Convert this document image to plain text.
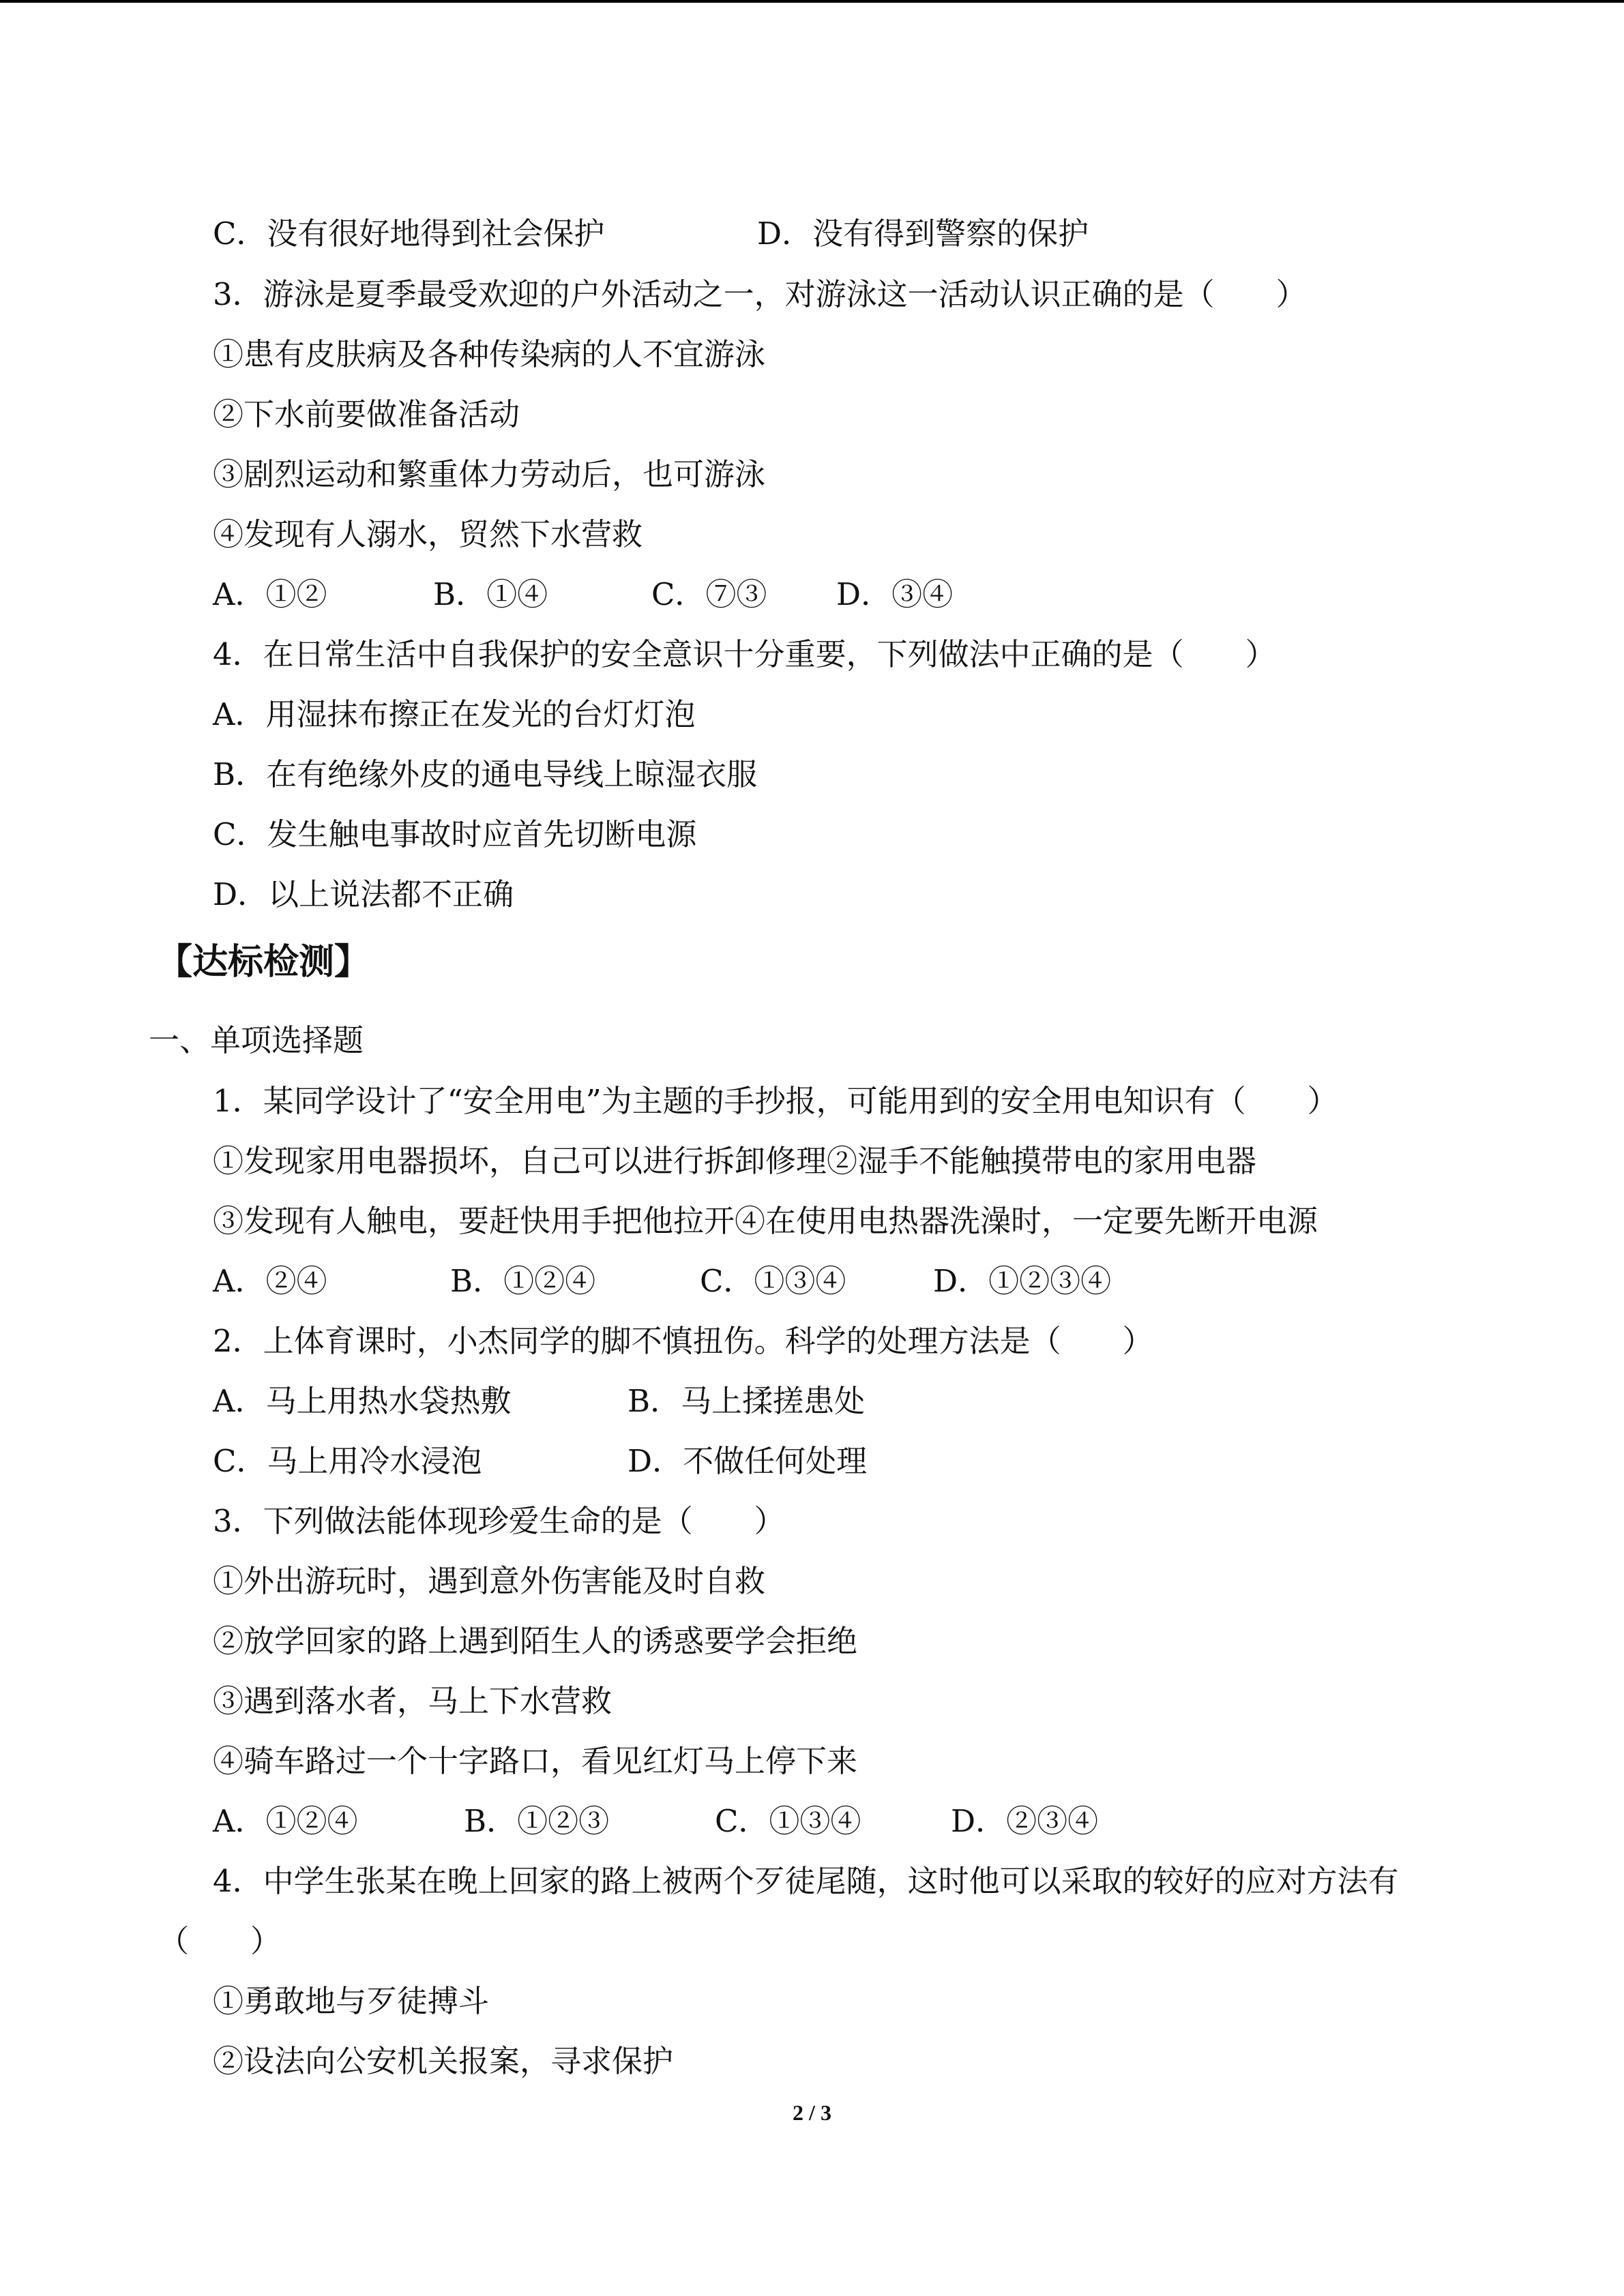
C．没有很好地得到社会保护	D．没有得到警察的保护
3．游泳是夏季最受欢迎的户外活动之一，对游泳这一活动认识正确的是（　　）
①患有皮肤病及各种传染病的人不宜游泳
②下水前要做准备活动
③剧烈运动和繁重体力劳动后，也可游泳
④发现有人溺水，贸然下水营救
A．①②	B．①④	C．⑦③ D．③④
4．在日常生活中自我保护的安全意识十分重要，下列做法中正确的是（　　）
A．用湿抹布擦正在发光的台灯灯泡
B．在有绝缘外皮的通电导线上晾湿衣服
C．发生触电事故时应首先切断电源
D．以上说法都不正确
【达标检测】
一、单项选择题
1．某同学设计了“安全用电”为主题的手抄报，可能用到的安全用电知识有（　　）
①发现家用电器损坏，自己可以进行拆卸修理②湿手不能触摸带电的家用电器
③发现有人触电，要赶快用手把他拉开④在使用电热器洗澡时，一定要先断开电源
A．②④	B．①②④	C．①③④	D．①②③④
2．上体育课时，小杰同学的脚不慎扭伤。科学的处理方法是（　　）
A．马上用热水袋热敷	B．马上揉搓患处
C．马上用冷水浸泡	D．不做任何处理
3．下列做法能体现珍爱生命的是（　　）
①外出游玩时，遇到意外伤害能及时自救
②放学回家的路上遇到陌生人的诱惑要学会拒绝
③遇到落水者，马上下水营救
④骑车路过一个十字路口，看见红灯马上停下来
A．①②④	B．①②③	C．①③④	D．②③④
4．中学生张某在晚上回家的路上被两个歹徒尾随，这时他可以采取的较好的应对方法有
（　　）
①勇敢地与歹徒搏斗
②设法向公安机关报案，寻求保护
2 / 3
